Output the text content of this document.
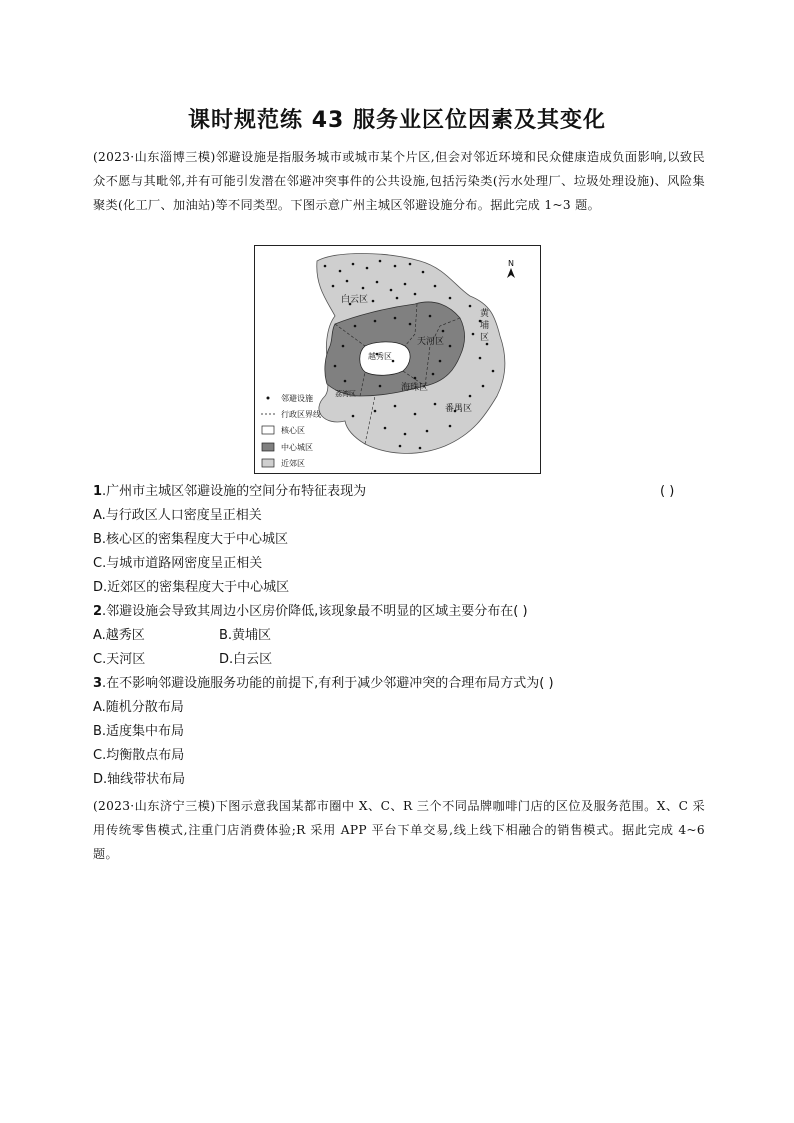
课时规范练 43 服务业区位因素及其变化
(2023·山东淄博三模)邻避设施是指服务城市或城市某个片区,但会对邻近环境和民众健康造成负面影响,以致民众不愿与其毗邻,并有可能引发潜在邻避冲突事件的公共设施,包括污染类(污水处理厂、垃圾处理设施)、风险集聚类(化工厂、加油站)等不同类型。下图示意广州主城区邻避设施分布。据此完成 1~3 题。
白云区
黄
埔
区
天河区
越秀区
海珠区
荔湾区
番禺区
N
邻避设施
行政区界线
核心区
中心城区
近郊区
1.广州市主城区邻避设施的空间分布特征表现为	( )
A.与行政区人口密度呈正相关
B.核心区的密集程度大于中心城区
C.与城市道路网密度呈正相关
D.近郊区的密集程度大于中心城区
2.邻避设施会导致其周边小区房价降低,该现象最不明显的区域主要分布在( )
A.越秀区	B.黄埔区
C.天河区	D.白云区
3.在不影响邻避设施服务功能的前提下,有利于减少邻避冲突的合理布局方式为( )
A.随机分散布局
B.适度集中布局
C.均衡散点布局
D.轴线带状布局
(2023·山东济宁三模)下图示意我国某都市圈中 X、C、R 三个不同品牌咖啡门店的区位及服务范围。X、C 采用传统零售模式,注重门店消费体验;R 采用 APP 平台下单交易,线上线下相融合的销售模式。据此完成 4~6 题。
